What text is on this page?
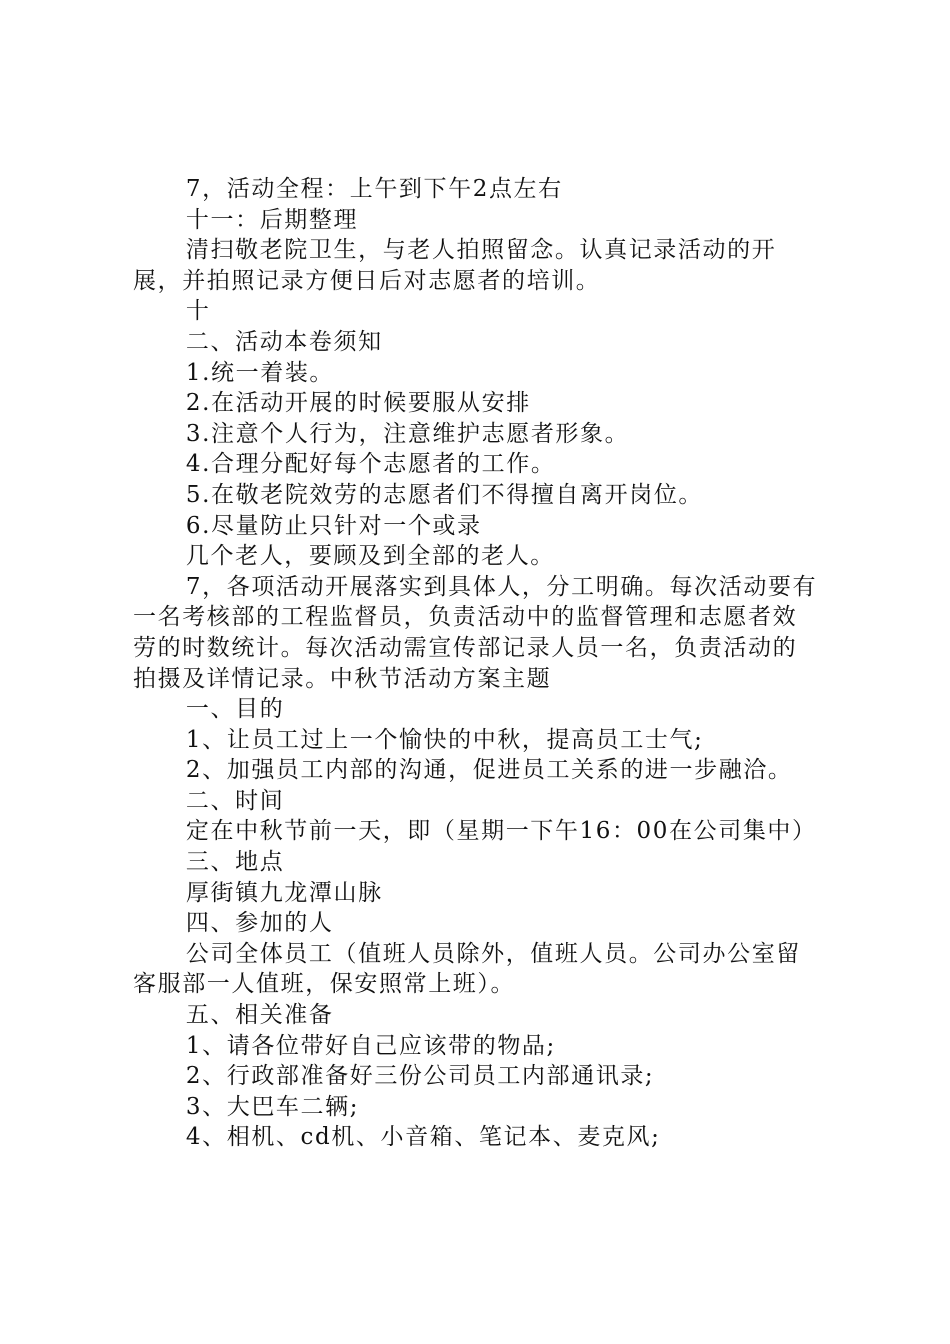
7，活动全程：上午到下午2点左右

十一：后期整理

清扫敬老院卫生，与老人拍照留念。认真记录活动的开展，并拍照记录方便日后对志愿者的培训。

十

二、活动本卷须知

1.统一着装。

2.在活动开展的时候要服从安排

3.注意个人行为，注意维护志愿者形象。

4.合理分配好每个志愿者的工作。

5.在敬老院效劳的志愿者们不得擅自离开岗位。

6.尽量防止只针对一个或录

几个老人，要顾及到全部的老人。

7，各项活动开展落实到具体人，分工明确。每次活动要有一名考核部的工程监督员，负责活动中的监督管理和志愿者效劳的时数统计。每次活动需宣传部记录人员一名，负责活动的拍摄及详情记录。中秋节活动方案主题

一、目的

1、让员工过上一个愉快的中秋，提高员工士气;

2、加强员工内部的沟通，促进员工关系的进一步融洽。

二、时间

定在中秋节前一天，即（星期一下午16：00在公司集中）

三、地点

厚街镇九龙潭山脉

四、参加的人

公司全体员工（值班人员除外，值班人员。公司办公室留客服部一人值班，保安照常上班）。

五、相关准备

1、请各位带好自己应该带的物品;

2、行政部准备好三份公司员工内部通讯录;

3、大巴车二辆;

4、相机、cd机、小音箱、笔记本、麦克风;
